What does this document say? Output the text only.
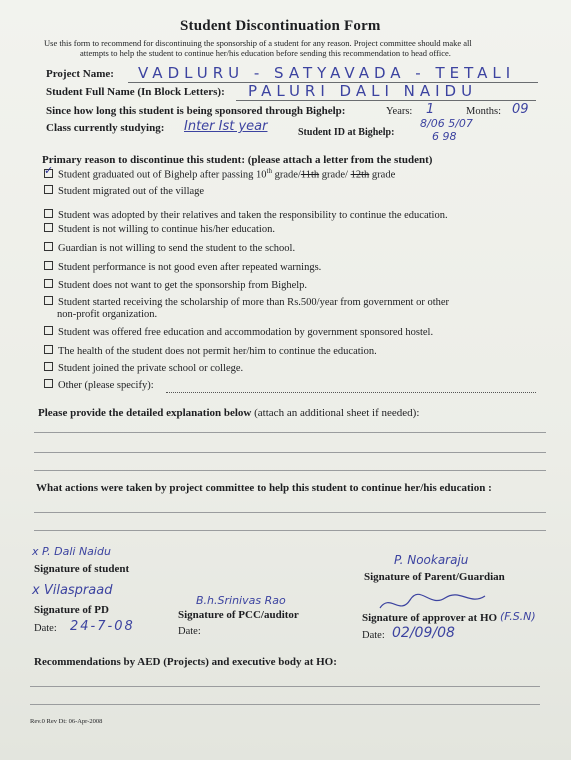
Student Discontinuation Form
Use this form to recommend for discontinuing the sponsorship of a student for any reason. Project committee should make all
attempts to help the student to continue her/his education before sending this recommendation to head office.
Project Name: VADLURU - SATYAVADA - TETALI
Student Full Name (In Block Letters): PALURI DALI NAIDU
Since how long this student is being sponsored through Bighelp:	Years: 1	Months: 09
Class currently studying: Inter Ist year	Student ID at Bighelp:
8/06 5/07
6 98
Primary reason to discontinue this student: (please attach a letter from the student)
✓Student graduated out of Bighelp after passing 10th grade/11th grade/ 12th grade
Student migrated out of the village
Student was adopted by their relatives and taken the responsibility to continue the education.
Student is not willing to continue his/her education.
Guardian is not willing to send the student to the school.
Student performance is not good even after repeated warnings.
Student does not want to get the sponsorship from Bighelp.
Student started receiving the scholarship of more than Rs.500/year from government or other
non-profit organization.
Student was offered free education and accommodation by government sponsored hostel.
The health of the student does not permit her/him to continue the education.
Student joined the private school or college.
Other (please specify):
Please provide the detailed explanation below (attach an additional sheet if needed):
What actions were taken by project committee to help this student to continue her/his education :
x P. Dali Naidu
Signature of student
P. Nookaraju
Signature of Parent/Guardian
x Vilaspraad
Signature of PD
Date: 24-7-08
B.h.Srinivas Rao
Signature of PCC/auditor
Date:
Signature of approver at HO (F.S.N)
Date: 02/09/08
Recommendations by AED (Projects) and executive body at HO:
Rev.0 Rev Dt: 06-Apr-2008
